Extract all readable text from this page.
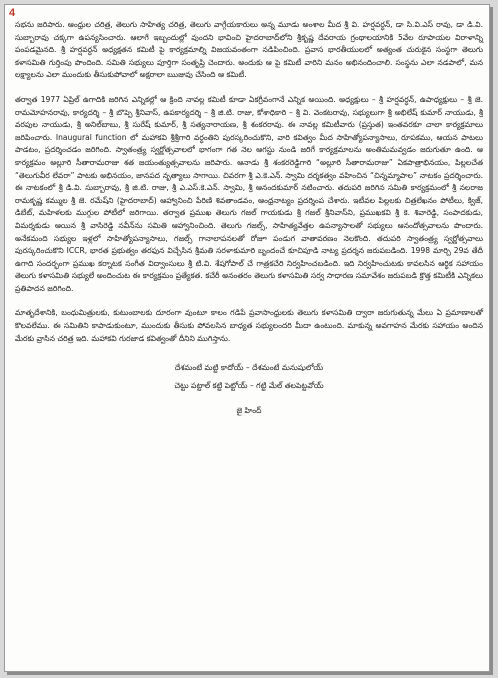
4

సభను జరిపారు. ఆంధ్రుల చరిత్ర, తెలుగు సాహిత్య చరిత్ర, తెలుగు వాగ్గేయకారులు అన్న మూడు అంశాల మీద శ్రీ వి. హర్షవర్ధన్, డా సి.వి.ఎస్ రావు, డా డి.వి. సుబ్బారావు చక్కగా ఉపన్యసించారు. ఆలాగే ఇబ్బందుల్లో వుందని భావించి హైదరాబాద్‌లోని శ్రీకృష్ణ దేవరాయ గ్రంథాలయానికి 5వేల రూపాయల విరాళాన్ని పంపడమైనది. శ్రీ హర్షవర్ధన్ అధ్యక్షతన కమిటీ పై కార్యక్రమాల్ని విజయవంతంగా నడిపించింది. ప్రవాస భారతీయులలో అత్యంత చురుకైన సంస్థగా తెలుగు కళాసమితి గుర్తింపు పొందింది. సమితి సభ్యులు పూర్తిగా సంతృప్తి చెందారు. అందుకు ఆ పై కమిటీ వారిని మనం అభినందించాలి. సంస్థను ఎలా నడపాలో, మన లక్ష్యాలను ఎలా ముందుకు తీసుకుపోవాలో అక్షరాలా ఋజువు చేసింది ఆ కమిటీ.

తర్వాత 1977 ఏప్రిల్ ఉగాదికి జరిగిన ఎన్నికల్లో ఆ క్రింది నావల్ల కమిటీ కూడా ఏకగ్రీవంగానే ఎన్నిక అయింది. అధ్యక్షులు – శ్రీ హర్షవర్ధన్, ఉపాధ్యక్షులు – శ్రీ జె. రామమోహనరావు, కార్యదర్శి – శ్రీ బొప్పె శ్రీనివాస్, ఉపకార్యదర్శి – శ్రీ జి.టి. రాజు, కోశాధికారి – శ్రీ వి. వెంకటరావు, సభ్యులుగా శ్రీ అభిలేష్ కుమార్ నాయుడు, శ్రీ వరపుల నాయుడు, శ్రీ అనిల్‌బాబు, శ్రీ సురేష్ కుమార్, శ్రీ సత్యనారాయణ, శ్రీ శంకరరావు. ఈ నావల్ల కమిటీవారు (ప్రస్తుత) ఇంతవరకూ చాలా కార్యక్రమాలు జరిపించారు. Inaugural function లో మహాకవి శ్రీశ్రీగారి వర్ధంతిని పురస్కరించుకొని, వారి కవిత్వం మీద సాహిత్యోపన్యాసాలు, రూపకము, ఆయన పాటలు పాడటం, ప్రదర్శించడం జరిగింది. స్వాతంత్ర్య స్వర్ణోత్సవాలలో భాగంగా గత నెల ఆగస్టు నుండి జరిగే కార్యక్రమాలను అంతిమమవ్వడం జరుగుతూ ఉంది. ఆ కార్యక్రమం అల్లూరి సీతారామరాజు శత జయంత్యుత్సవాలను జరిపారు. ఆనాడు శ్రీ శంకరరెడ్డిగారి “అల్లూరి సీతారామరాజు” ఏకపాత్రాభినయం, పిల్లలచేత “తెలుగువీర లేవరా” పాటకు అభినయం, జానపద నృత్యాలు సాగాయి. చివరగా శ్రీ ఎ.కె.ఎన్. స్వామి దర్శకత్వం వహించిన “చిన్నమ్మాపాల” నాటకం ప్రదర్శించారు. ఈ నాటకంలో శ్రీ డి.వి. సుబ్బారావు, శ్రీ జి.టి. రాజు, శ్రీ ఎ.ఎస్.కె.ఎన్. స్వామి, శ్రీ ఆనందకుమార్ నటించారు. తదుపరి జరిగిన సమితి కార్యక్రమంలో శ్రీ నలరాజ రామకృష్ణ కమ్ముల శ్రీ జె. రమేష్‌ని (హైదరాబాద్) ఆహ్వానించి పేరిణి శివతాండవం, ఆంధ్రనాట్యం ప్రదర్శింప చేశారు. ఇటీవల పిల్లలకు చిత్రలేఖనం పోటీలు, క్విజ్, డిబేట్, మహిళలకు ముగ్గుల పోటీలో జరిగాయి. తర్వాత ప్రముఖ తెలుగు గజల్ గాయకుడు శ్రీ గజల్ శ్రీనివాస్‌ని, ప్రముఖకవి శ్రీ కె. శివారెడ్డి, సంపాదకుడు, విమర్శకుడు ఆయిన శ్రీ వాసిరెడ్డి నవీన్‌ను సమితి ఆహ్వానించింది. తెలుగు గజల్స్, సాహిత్యవేత్తల ఉపన్యాసాలతో సభ్యులు ఆనందోత్సవాలను పొందారు. అనేకమంది సభ్యుల ఇళ్లలో సాహిత్యోపన్యాసాలు, గజల్స్ గానాలాపనలతో రోజూ పండుగ వాతావరణం నెలకొంది. తదుపరి స్వాతంత్ర్య స్వర్ణోత్సవాలు పురస్కరించుకొని ICCR, భారత ప్రభుత్వం తరఫున విచ్చేసిన శ్రీమతి సరళాకుమారి బృందంచే కూచిపూడి నాట్య ప్రదర్శన జరుపబడింది. 1998 మార్చి 29వ తేదీ ఉగాది సందర్భంగా ప్రముఖ కర్నాటక సంగీత విద్వాంసులు శ్రీ టి.వి. శేషగోపాల్ చే గాత్రకచేరి నిర్వహించబడింది. ఇది నిర్వహించుటకు కావలసిన ఆర్థిక సహాయం తెలుగు కళాసమితి సభ్యులే అందించుట ఈ కార్యక్రమం ప్రత్యేకత. కచేరీ అనంతరం తెలుగు కళాసమితి సర్వ సాధారణ సమావేశం జరుపబడి క్రొత్త కమిటీకి ఎన్నికలు ప్రతిపాదన జరిగింది.

మాతృదేశానికి, బంధుమిత్రులకు, కుటుంబాలకు దూరంగా వుంటూ కాలం గడిపే ప్రవాసాంధ్రులకు తెలుగు కళాసమితి ద్వారా జరుగుతున్న మేలు ఏ ప్రమాణాలతో కొలవలేము. ఈ సమితిని కాపాడుకుంటూ, ముందుకు తీసుకు పోవలసిన బాధ్యత సభ్యులందరి మీదా ఉంటుంది. మాకున్న అవగాహన మేరకు సహాయం అందిన మేరకు వ్రాసిన చరిత్ర ఇది. మహాకవి గురజాడ కవిత్వంతో దీనిని ముగిస్తాను.

దేశమంటే మట్టి కాదోయ్ – దేశమంటే మనుషులోయ్
చెట్టు పట్టాల్ కట్టి పెట్టోయ్ – గట్టి మేల్ తలపెట్టవోయ్
జై హింద్
